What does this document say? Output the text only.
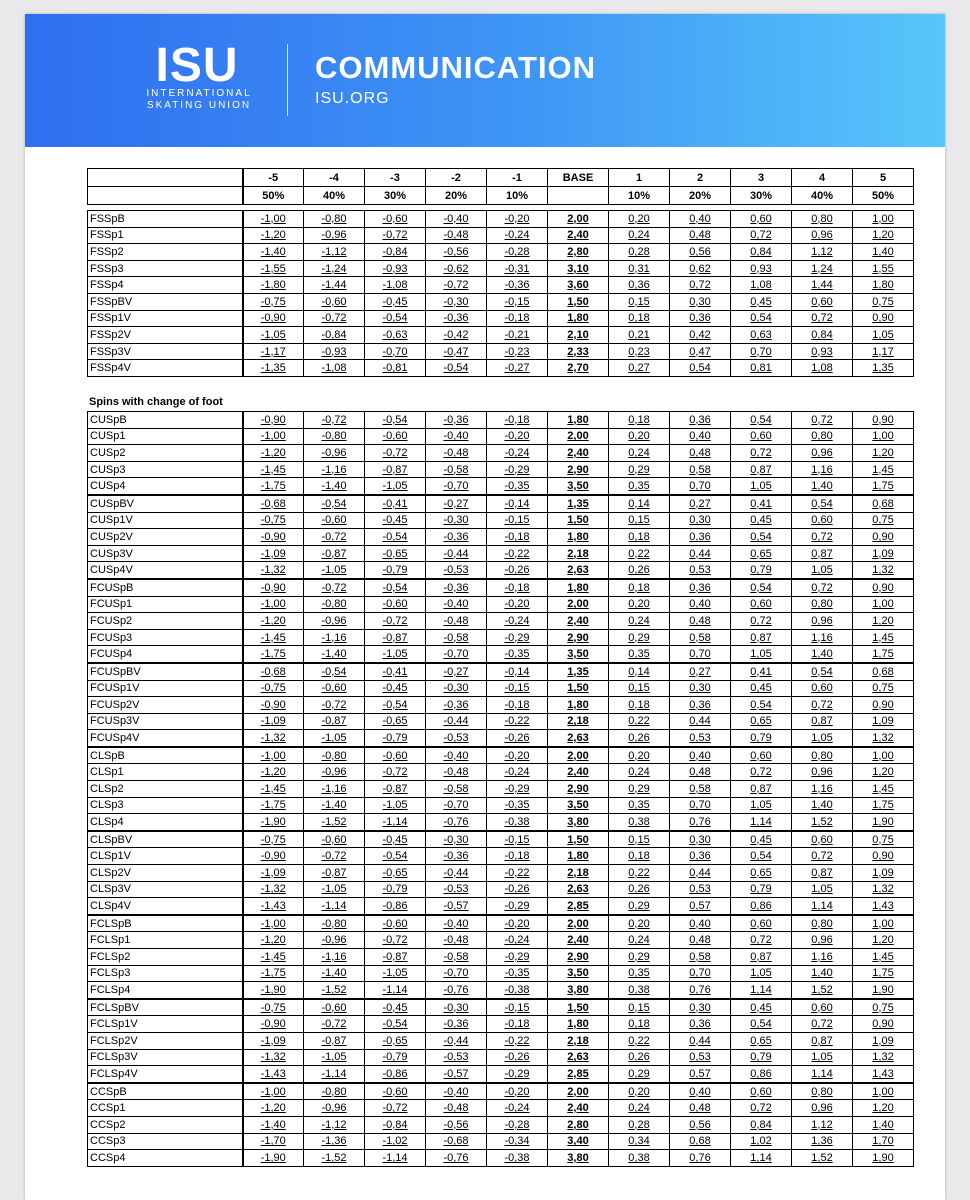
ISU
INTERNATIONAL
SKATING UNION
COMMUNICATION
ISU.ORG
	-5	-4	-3	-2	-1	BASE	1	2	3	4	5
	50%	40%	30%	20%	10%		10%	20%	30%	40%	50%
FSSpB	-1,00	-0,80	-0,60	-0,40	-0,20	2,00	0,20	0,40	0,60	0,80	1,00
FSSp1	-1,20	-0,96	-0,72	-0,48	-0,24	2,40	0,24	0,48	0,72	0,96	1,20
FSSp2	-1,40	-1,12	-0,84	-0,56	-0,28	2,80	0,28	0,56	0,84	1,12	1,40
FSSp3	-1,55	-1,24	-0,93	-0,62	-0,31	3,10	0,31	0,62	0,93	1,24	1,55
FSSp4	-1,80	-1,44	-1,08	-0,72	-0,36	3,60	0,36	0,72	1,08	1,44	1,80
FSSpBV	-0,75	-0,60	-0,45	-0,30	-0,15	1,50	0,15	0,30	0,45	0,60	0,75
FSSp1V	-0,90	-0,72	-0,54	-0,36	-0,18	1,80	0,18	0,36	0,54	0,72	0,90
FSSp2V	-1,05	-0,84	-0,63	-0,42	-0,21	2,10	0,21	0,42	0,63	0,84	1,05
FSSp3V	-1,17	-0,93	-0,70	-0,47	-0,23	2,33	0,23	0,47	0,70	0,93	1,17
FSSp4V	-1,35	-1,08	-0,81	-0,54	-0,27	2,70	0,27	0,54	0,81	1,08	1,35
Spins with change of foot
CUSpB	-0,90	-0,72	-0,54	-0,36	-0,18	1,80	0,18	0,36	0,54	0,72	0,90
CUSp1	-1,00	-0,80	-0,60	-0,40	-0,20	2,00	0,20	0,40	0,60	0,80	1,00
CUSp2	-1,20	-0,96	-0,72	-0,48	-0,24	2,40	0,24	0,48	0,72	0,96	1,20
CUSp3	-1,45	-1,16	-0,87	-0,58	-0,29	2,90	0,29	0,58	0,87	1,16	1,45
CUSp4	-1,75	-1,40	-1,05	-0,70	-0,35	3,50	0,35	0,70	1,05	1,40	1,75
CUSpBV	-0,68	-0,54	-0,41	-0,27	-0,14	1,35	0,14	0,27	0,41	0,54	0,68
CUSp1V	-0,75	-0,60	-0,45	-0,30	-0,15	1,50	0,15	0,30	0,45	0,60	0,75
CUSp2V	-0,90	-0,72	-0,54	-0,36	-0,18	1,80	0,18	0,36	0,54	0,72	0,90
CUSp3V	-1,09	-0,87	-0,65	-0,44	-0,22	2,18	0,22	0,44	0,65	0,87	1,09
CUSp4V	-1,32	-1,05	-0,79	-0,53	-0,26	2,63	0,26	0,53	0,79	1,05	1,32
FCUSpB	-0,90	-0,72	-0,54	-0,36	-0,18	1,80	0,18	0,36	0,54	0,72	0,90
FCUSp1	-1,00	-0,80	-0,60	-0,40	-0,20	2,00	0,20	0,40	0,60	0,80	1,00
FCUSp2	-1,20	-0,96	-0,72	-0,48	-0,24	2,40	0,24	0,48	0,72	0,96	1,20
FCUSp3	-1,45	-1,16	-0,87	-0,58	-0,29	2,90	0,29	0,58	0,87	1,16	1,45
FCUSp4	-1,75	-1,40	-1,05	-0,70	-0,35	3,50	0,35	0,70	1,05	1,40	1,75
FCUSpBV	-0,68	-0,54	-0,41	-0,27	-0,14	1,35	0,14	0,27	0,41	0,54	0,68
FCUSp1V	-0,75	-0,60	-0,45	-0,30	-0,15	1,50	0,15	0,30	0,45	0,60	0,75
FCUSp2V	-0,90	-0,72	-0,54	-0,36	-0,18	1,80	0,18	0,36	0,54	0,72	0,90
FCUSp3V	-1,09	-0,87	-0,65	-0,44	-0,22	2,18	0,22	0,44	0,65	0,87	1,09
FCUSp4V	-1,32	-1,05	-0,79	-0,53	-0,26	2,63	0,26	0,53	0,79	1,05	1,32
CLSpB	-1,00	-0,80	-0,60	-0,40	-0,20	2,00	0,20	0,40	0,60	0,80	1,00
CLSp1	-1,20	-0,96	-0,72	-0,48	-0,24	2,40	0,24	0,48	0,72	0,96	1,20
CLSp2	-1,45	-1,16	-0,87	-0,58	-0,29	2,90	0,29	0,58	0,87	1,16	1,45
CLSp3	-1,75	-1,40	-1,05	-0,70	-0,35	3,50	0,35	0,70	1,05	1,40	1,75
CLSp4	-1,90	-1,52	-1,14	-0,76	-0,38	3,80	0,38	0,76	1,14	1,52	1,90
CLSpBV	-0,75	-0,60	-0,45	-0,30	-0,15	1,50	0,15	0,30	0,45	0,60	0,75
CLSp1V	-0,90	-0,72	-0,54	-0,36	-0,18	1,80	0,18	0,36	0,54	0,72	0,90
CLSp2V	-1,09	-0,87	-0,65	-0,44	-0,22	2,18	0,22	0,44	0,65	0,87	1,09
CLSp3V	-1,32	-1,05	-0,79	-0,53	-0,26	2,63	0,26	0,53	0,79	1,05	1,32
CLSp4V	-1,43	-1,14	-0,86	-0,57	-0,29	2,85	0,29	0,57	0,86	1,14	1,43
FCLSpB	-1,00	-0,80	-0,60	-0,40	-0,20	2,00	0,20	0,40	0,60	0,80	1,00
FCLSp1	-1,20	-0,96	-0,72	-0,48	-0,24	2,40	0,24	0,48	0,72	0,96	1,20
FCLSp2	-1,45	-1,16	-0,87	-0,58	-0,29	2,90	0,29	0,58	0,87	1,16	1,45
FCLSp3	-1,75	-1,40	-1,05	-0,70	-0,35	3,50	0,35	0,70	1,05	1,40	1,75
FCLSp4	-1,90	-1,52	-1,14	-0,76	-0,38	3,80	0,38	0,76	1,14	1,52	1,90
FCLSpBV	-0,75	-0,60	-0,45	-0,30	-0,15	1,50	0,15	0,30	0,45	0,60	0,75
FCLSp1V	-0,90	-0,72	-0,54	-0,36	-0,18	1,80	0,18	0,36	0,54	0,72	0,90
FCLSp2V	-1,09	-0,87	-0,65	-0,44	-0,22	2,18	0,22	0,44	0,65	0,87	1,09
FCLSp3V	-1,32	-1,05	-0,79	-0,53	-0,26	2,63	0,26	0,53	0,79	1,05	1,32
FCLSp4V	-1,43	-1,14	-0,86	-0,57	-0,29	2,85	0,29	0,57	0,86	1,14	1,43
CCSpB	-1,00	-0,80	-0,60	-0,40	-0,20	2,00	0,20	0,40	0,60	0,80	1,00
CCSp1	-1,20	-0,96	-0,72	-0,48	-0,24	2,40	0,24	0,48	0,72	0,96	1,20
CCSp2	-1,40	-1,12	-0,84	-0,56	-0,28	2,80	0,28	0,56	0,84	1,12	1,40
CCSp3	-1,70	-1,36	-1,02	-0,68	-0,34	3,40	0,34	0,68	1,02	1,36	1,70
CCSp4	-1,90	-1,52	-1,14	-0,76	-0,38	3,80	0,38	0,76	1,14	1,52	1,90
